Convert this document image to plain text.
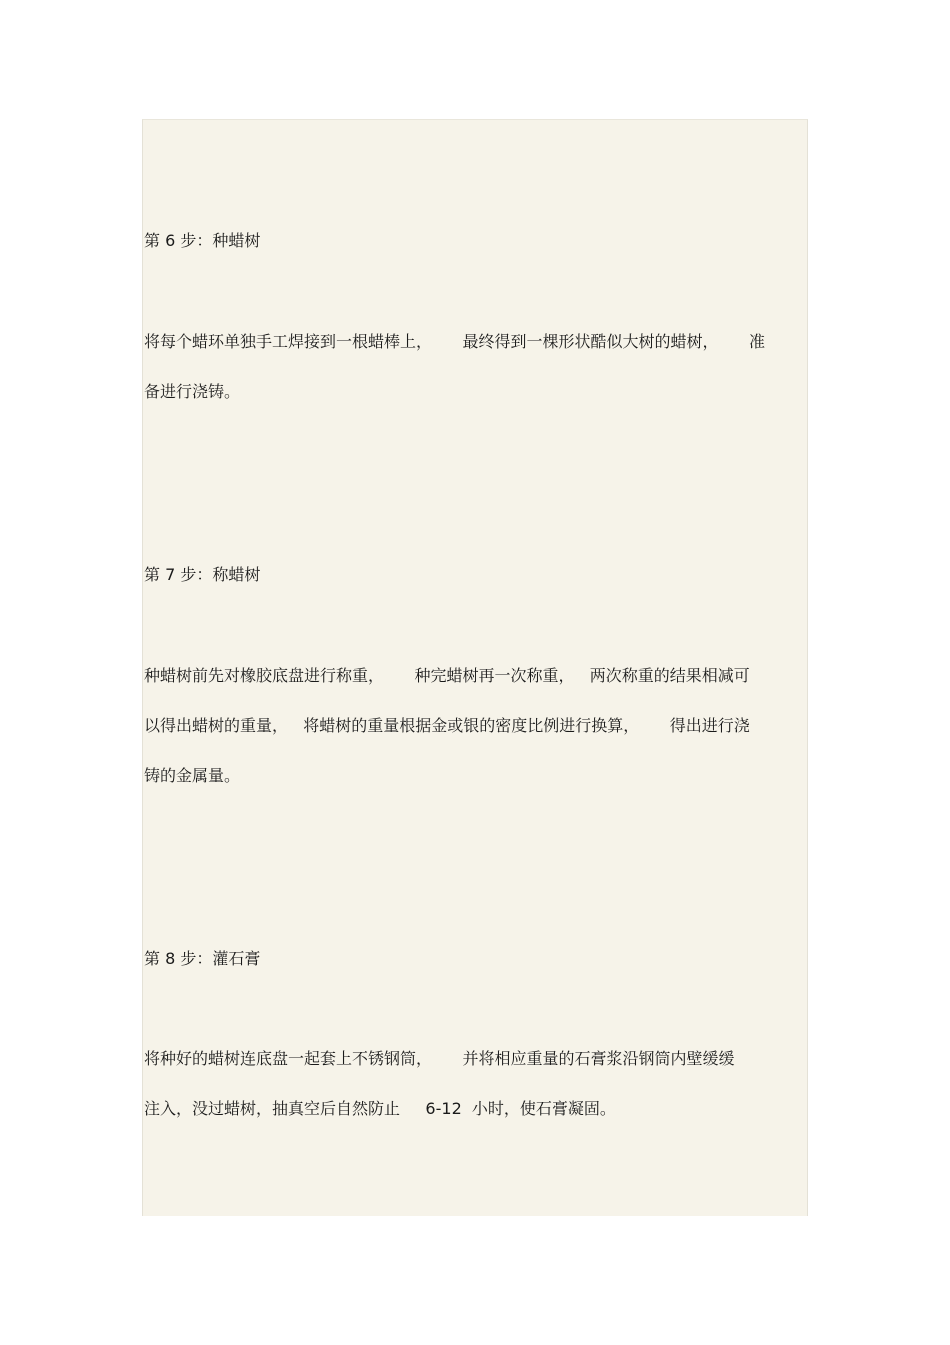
第 6 步：种蜡树

将每个蜡环单独手工焊接到一根蜡棒上，      最终得到一棵形状酷似大树的蜡树，      准

备进行浇铸。

第 7 步：称蜡树

种蜡树前先对橡胶底盘进行称重，      种完蜡树再一次称重，   两次称重的结果相减可

以得出蜡树的重量，   将蜡树的重量根据金或银的密度比例进行换算，      得出进行浇

铸的金属量。

第 8 步：灌石膏

将种好的蜡树连底盘一起套上不锈钢筒，      并将相应重量的石膏浆沿钢筒内壁缓缓

注入，没过蜡树，抽真空后自然防止     6-12  小时，使石膏凝固。
